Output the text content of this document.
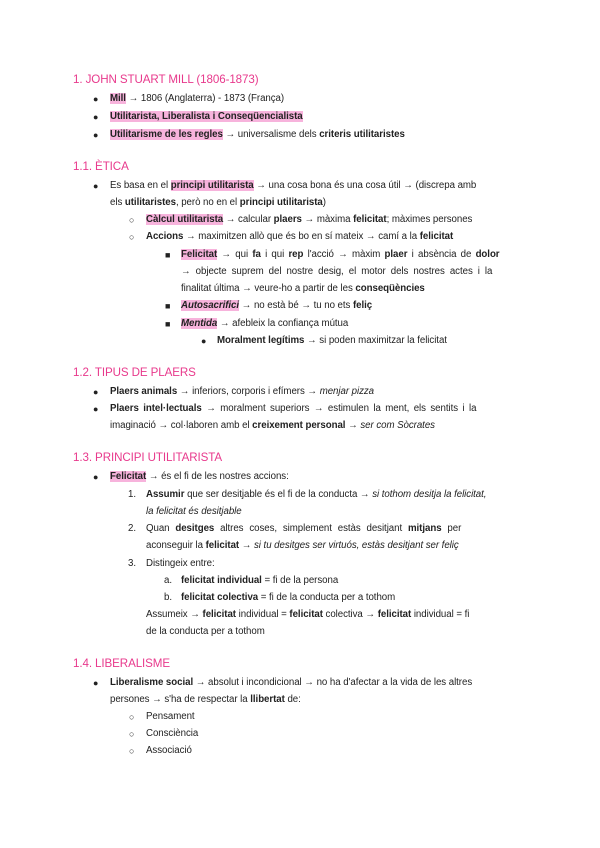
1. JOHN STUART MILL (1806-1873)
● Mill → 1806 (Anglaterra) - 1873 (França)
● Utilitarista, Liberalista i Conseqüencialista
● Utilitarisme de les regles → universalisme dels criteris utilitaristes
1.1. ÈTICA
● Es basa en el principi utilitarista → una cosa bona és una cosa útil → (discrepa amb
els utilitaristes, però no en el principi utilitarista)
○ Càlcul utilitarista → calcular plaers → màxima felicitat; màximes persones
○ Accions → maximitzen allò que és bo en sí mateix → camí a la felicitat
■ Felicitat → qui fa i qui rep l'acció → màxim plaer i absència de dolor
→ objecte suprem del nostre desig, el motor dels nostres actes i la
finalitat última → veure-ho a partir de les conseqüències
■ Autosacrifici → no està bé → tu no ets feliç
■ Mentida → afebleix la confiança mútua
● Moralment legítims → si poden maximitzar la felicitat
1.2. TIPUS DE PLAERS
● Plaers animals → inferiors, corporis i efímers → menjar pizza
● Plaers intel·lectuals → moralment superiors → estimulen la ment, els sentits i la
imaginació → col·laboren amb el creixement personal → ser com Sòcrates
1.3. PRINCIPI UTILITARISTA
● Felicitat → és el fi de les nostres accions:
1. Assumir que ser desitjable és el fi de la conducta → si tothom desitja la felicitat,
la felicitat és desitjable
2. Quan desitges altres coses, simplement estàs desitjant mitjans per
aconseguir la felicitat → si tu desitges ser virtuós, estàs desitjant ser feliç
3. Distingeix entre:
a. felicitat individual = fi de la persona
b. felicitat colectiva = fi de la conducta per a tothom
Assumeix → felicitat individual = felicitat colectiva → felicitat individual = fi
de la conducta per a tothom
1.4. LIBERALISME
● Liberalisme social → absolut i incondicional → no ha d'afectar a la vida de les altres
persones → s'ha de respectar la llibertat de:
○ Pensament
○ Consciència
○ Associació
